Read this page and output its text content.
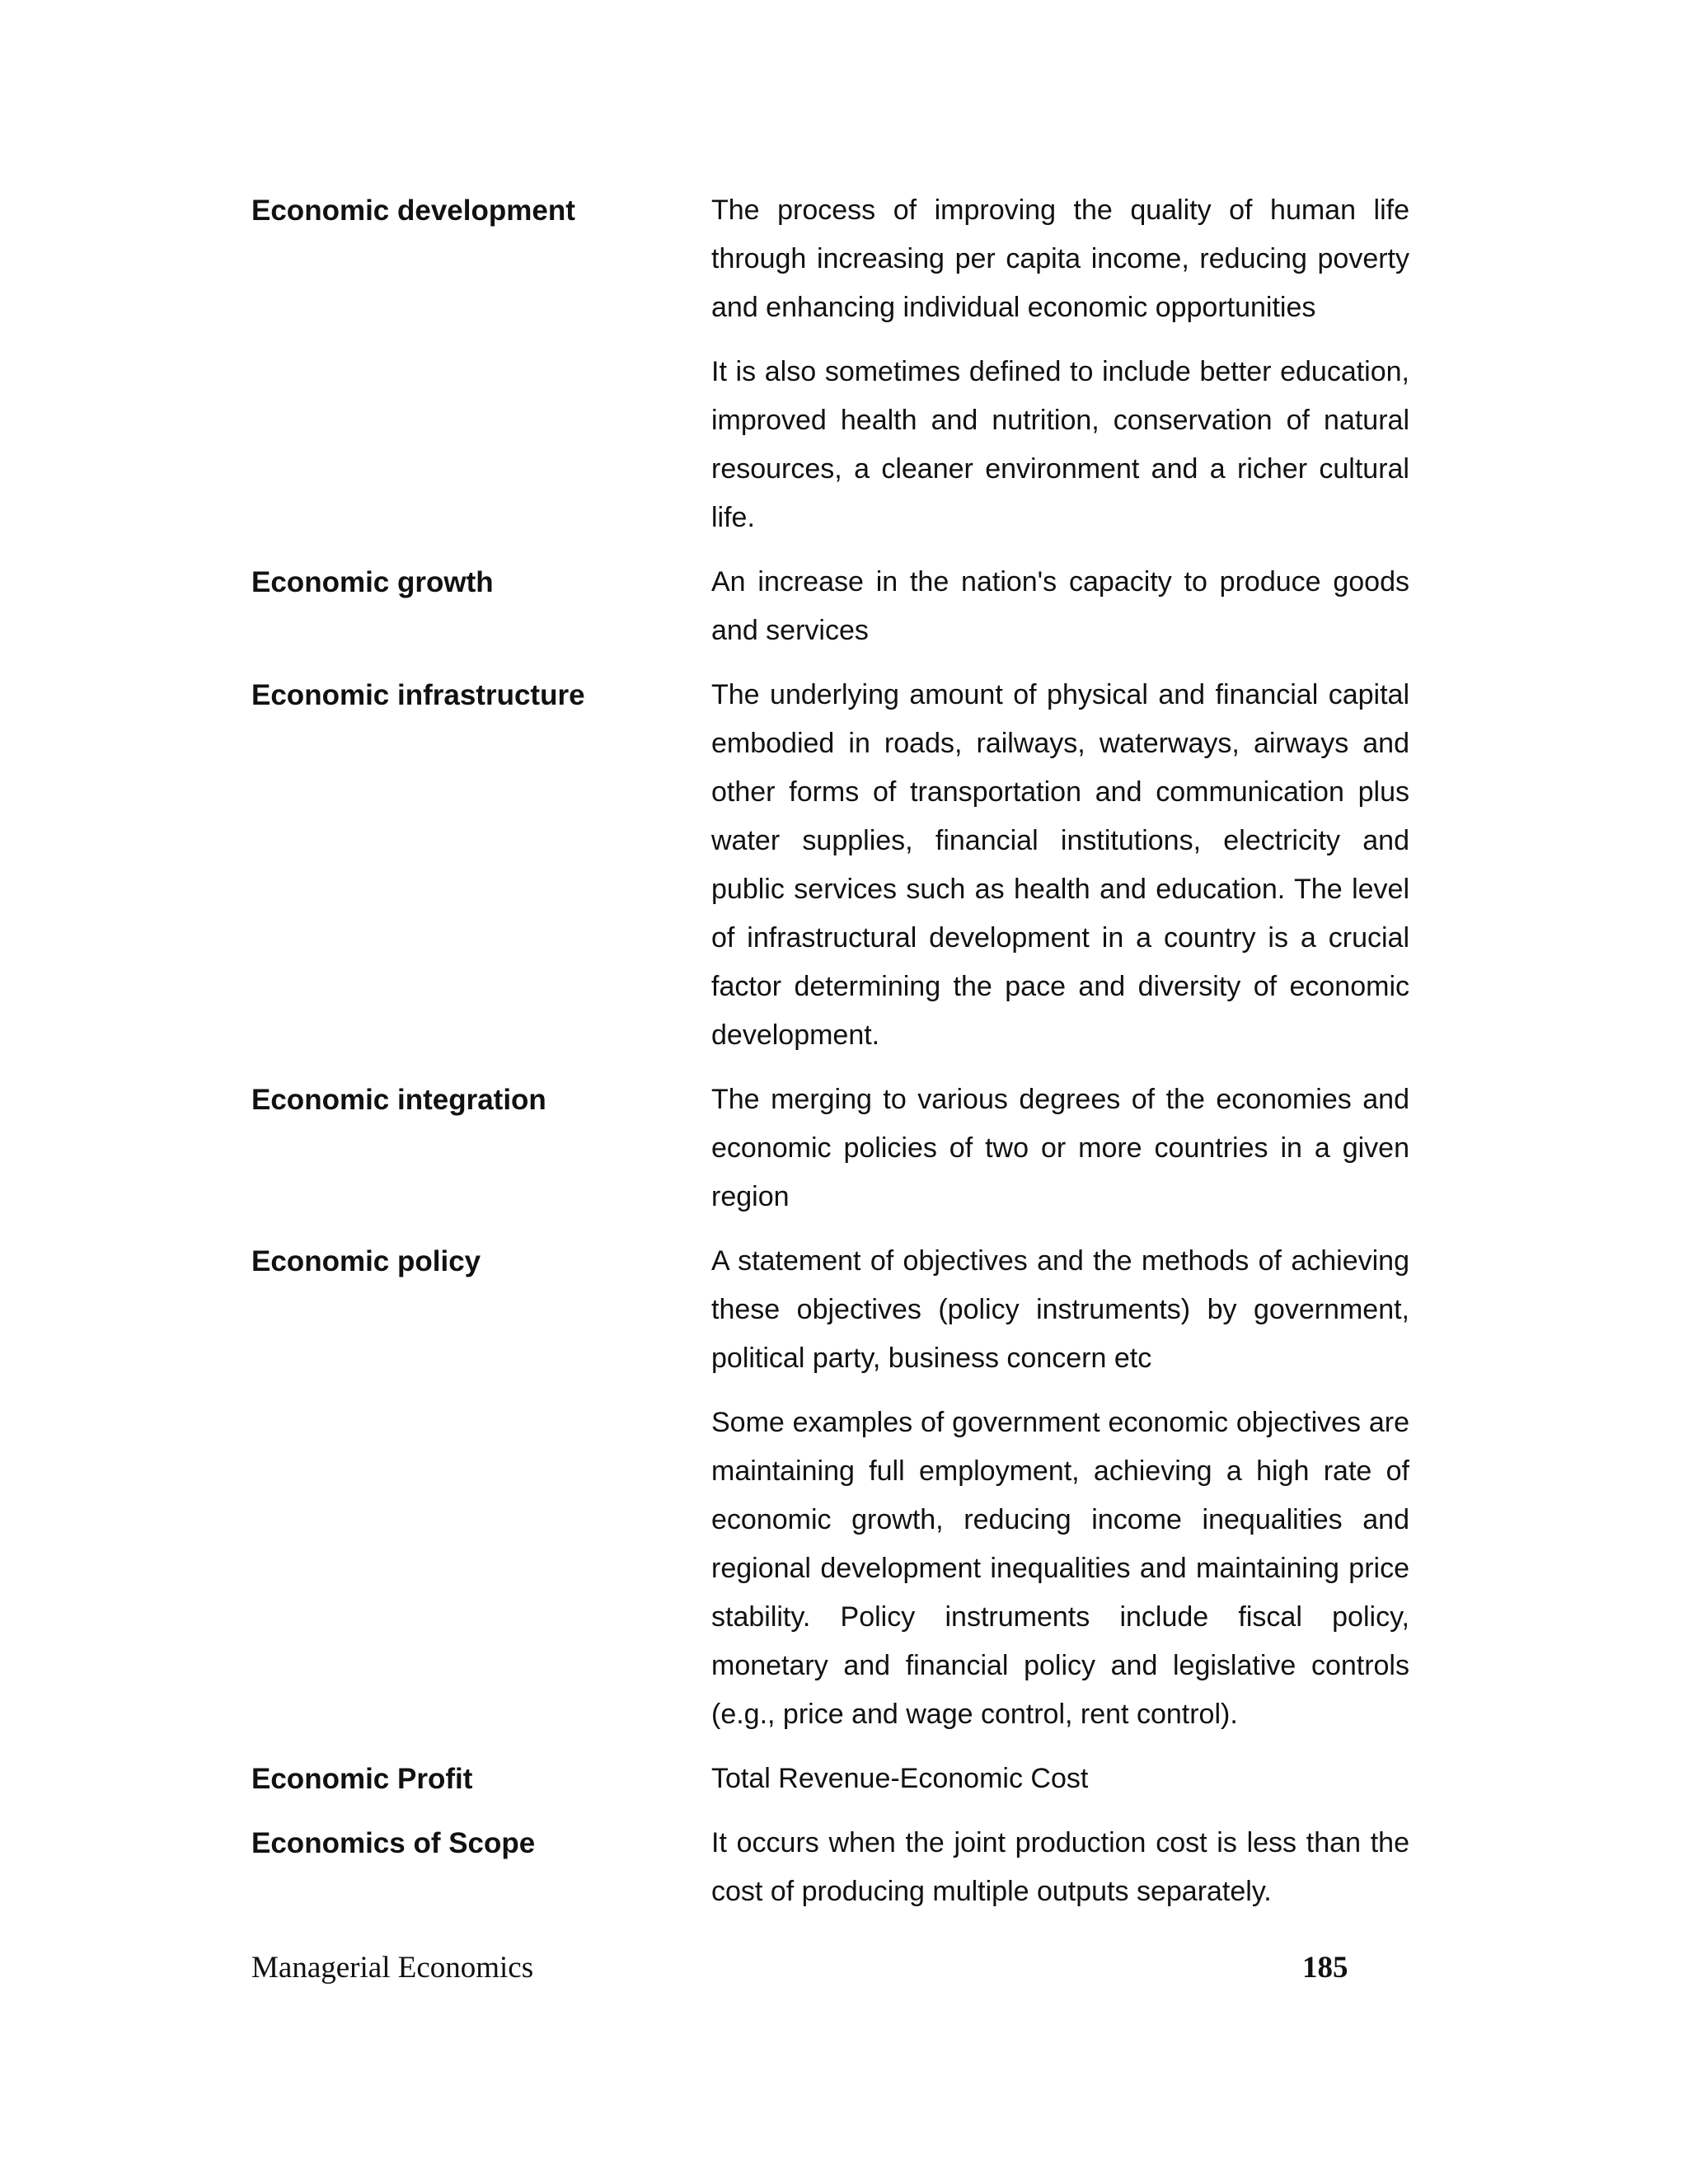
Economic development	The process of improving the quality of human life through increasing per capita income, reducing poverty and enhancing individual economic opportunities

It is also sometimes defined to include better education, improved health and nutrition, conservation of natural resources, a cleaner environment and a richer cultural life.

Economic growth	An increase in the nation's capacity to produce goods and services

Economic infrastructure	The underlying amount of physical and financial capital embodied in roads, railways, waterways, airways and other forms of transportation and communication plus water supplies, financial institutions, electricity and public services such as health and education. The level of infrastructural development in a country is a crucial factor determining the pace and diversity of economic development.

Economic integration	The merging to various degrees of the economies and economic policies of two or more countries in a given region

Economic policy	A statement of objectives and the methods of achieving these objectives (policy instruments) by government, political party, business concern etc

Some examples of government economic objectives are maintaining full employment, achieving a high rate of economic growth, reducing income inequalities and regional development inequalities and maintaining price stability. Policy instruments include fiscal policy, monetary and financial policy and legislative controls (e.g., price and wage control, rent control).

Economic Profit	Total Revenue-Economic Cost

Economics of Scope	It occurs when the joint production cost is less than the cost of producing multiple outputs separately.

Managerial Economics	185
